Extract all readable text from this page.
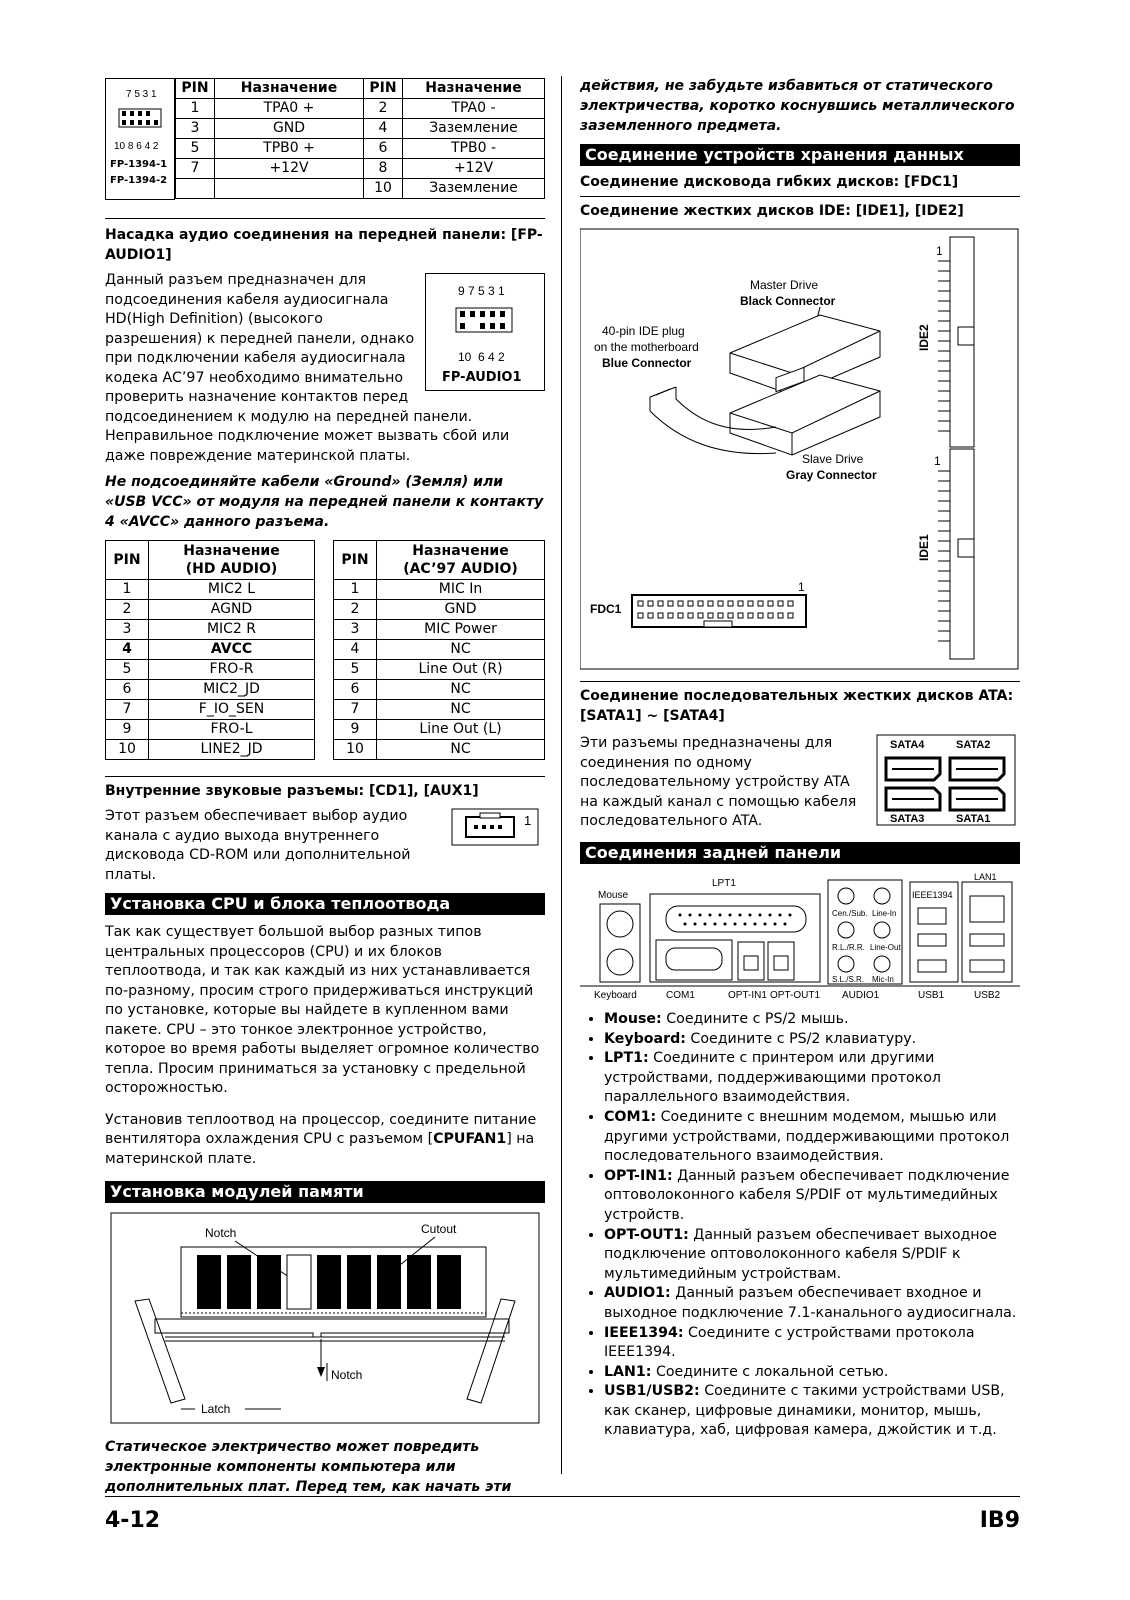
7 5 3 1
10 8 6 4 2
FP-1394-1
FP-1394-2
PIN	Назначение	PIN	Назначение
1	TPA0 +	2	TPA0 -
3	GND	4	Заземление
5	TPB0 +	6	TPB0 -
7	+12V	8	+12V
		10	Заземление
Насадка аудио соединения на передней панели: [FP-AUDIO1]
9 7 5 3 1
10  6 4 2
FP-AUDIO1
Данный разъем предназначен для подсоединения кабеля аудиосигнала HD(High Definition) (высокого разрешения) к передней панели, однако при подключении кабеля аудиосигнала кодека AC’97 необходимо внимательно проверить назначение контактов перед подсоединением к модулю на передней панели. Неправильное подключение может вызвать сбой или даже повреждение материнской платы.
Не подсоединяйте кабели «Ground» (Земля) или «USB VCC» от модуля на передней панели к контакту 4 «AVCC» данного разъема.
PIN	Назначение
(HD AUDIO)
1	MIC2 L
2	AGND
3	MIC2 R
4	AVCC
5	FRO-R
6	MIC2_JD
7	F_IO_SEN
9	FRO-L
10	LINE2_JD
PIN	Назначение
(AC’97 AUDIO)
1	MIC In
2	GND
3	MIC Power
4	NC
5	Line Out (R)
6	NC
7	NC
9	Line Out (L)
10	NC
Внутренние звуковые разъемы: [CD1], [AUX1]
Этот разъем обеспечивает выбор аудио канала с аудио выхода внутреннего дисковода CD-ROM или дополнительной платы.
1
Установка CPU и блока теплоотвода
Так как существует большой выбор разных типов центральных процессоров (CPU) и их блоков теплоотвода, и так как каждый из них устанавливается по-разному, просим строго придерживаться инструкций по установке, которые вы найдете в купленном вами пакете. CPU – это тонкое электронное устройство, которое во время работы выделяет огромное количество тепла. Просим приниматься за установку с предельной осторожностью.
Установив теплоотвод на процессор, соедините питание вентилятора охлаждения CPU с разъемом [CPUFAN1] на материнской плате.
Установка модулей памяти
Notch	Cutout
Notch
Latch
Статическое электричество может повредить электронные компоненты компьютера или дополнительных плат. Перед тем, как начать эти
действия, не забудьте избавиться от статического электричества, коротко коснувшись металлического заземленного предмета.
Соединение устройств хранения данных
Соединение дисковода гибких дисков: [FDC1]
Соединение жестких дисков IDE: [IDE1], [IDE2]
1
IDE2
1
IDE1
Master Drive
Black Connector
40-pin IDE plug
on the motherboard
Blue Connector
Slave Drive
Gray Connector
1
FDC1
Соединение последовательных жестких дисков ATA: [SATA1] ~ [SATA4]
Эти разъемы предназначены для соединения по одному последовательному устройству ATA на каждый канал с помощью кабеля последовательного ATA.
SATA4	SATA2
SATA3	SATA1
Соединения задней панели
Mouse
Keyboard
LPT1
COM1	OPT-IN1 OPT-OUT1
Cen./Sub. Line-In
R.L./R.R. Line-Out
S.L./S.R. Mic-In
AUDIO1
IEEE1394
USB1
LAN1
USB2
• Mouse: Соедините с PS/2 мышь.
• Keyboard: Соедините с PS/2 клавиатуру.
• LPT1: Соедините с принтером или другими устройствами, поддерживающими протокол параллельного взаимодействия.
• COM1: Соедините с внешним модемом, мышью или другими устройствами, поддерживающими протокол последовательного взаимодействия.
• OPT-IN1: Данный разъем обеспечивает подключение оптоволоконного кабеля S/PDIF от мультимедийных устройств.
• OPT-OUT1: Данный разъем обеспечивает выходное подключение оптоволоконного кабеля S/PDIF к мультимедийным устройствам.
• AUDIO1: Данный разъем обеспечивает входное и выходное подключение 7.1-канального аудиосигнала.
• IEEE1394: Соедините с устройствами протокола IEEE1394.
• LAN1: Соедините с локальной сетью.
• USB1/USB2: Соедините с такими устройствами USB, как сканер, цифровые динамики, монитор, мышь, клавиатура, хаб, цифровая камера, джойстик и т.д.
4-12	IB9
